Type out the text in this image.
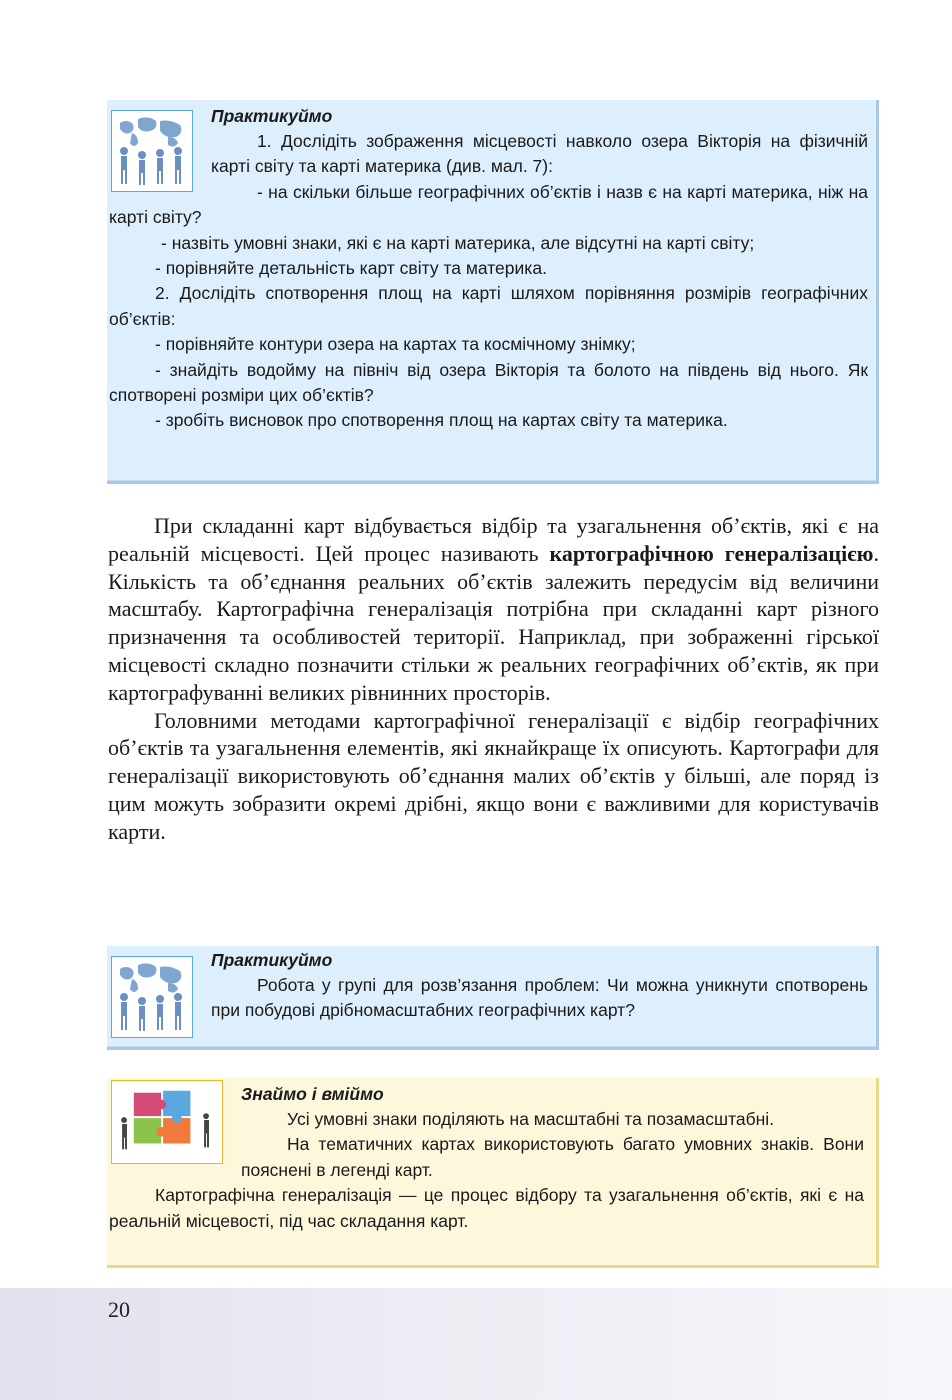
Практикуймо

1. Дослідіть зображення місцевості навколо озера Вікторія на фізичній карті світу та карті материка (див. мал. 7):

- на скільки більше географічних об’єктів і назв є на карті материка, ніж на карті світу?

- назвіть умовні знаки, які є на карті материка, але відсутні на карті світу;

- порівняйте детальність карт світу та материка.

2. Дослідіть спотворення площ на карті шляхом порівняння розмірів географічних об’єктів:

- порівняйте контури озера на картах та космічному знімку;

- знайдіть водойму на північ від озера Вікторія та болото на південь від нього. Як спотворені розміри цих об’єктів?

- зробіть висновок про спотворення площ на картах світу та материка.

При складанні карт відбувається відбір та узагальнення об’єктів, які є на реальній місцевості. Цей процес називають картографічною генералізацією. Кількість та об’єднання реальних об’єктів залежить передусім від величини масштабу. Картографічна генералізація потрібна при складанні карт різного призначення та особливостей території. Наприклад, при зображенні гірської місцевості складно позначити стільки ж реальних географічних об’єктів, як при картографуванні великих рівнинних просторів.

Головними методами картографічної генералізації є відбір географічних об’єктів та узагальнення елементів, які якнайкраще їх описують. Картографи для генералізації використовують об’єднання малих об’єктів у більші, але поряд із цим можуть зобразити окремі дрібні, якщо вони є важливими для користувачів карти.

Практикуймо

Робота у групі для розв’язання проблем: Чи можна уникнути спотворень при побудові дрібномасштабних географічних карт?

Знаймо і вміймо

Усі умовні знаки поділяють на масштабні та позамасштабні.

На тематичних картах використовують багато умовних знаків. Вони пояснені в легенді карт.

Картографічна генералізація — це процес відбору та узагальнення об’єктів, які є на реальній місцевості, під час складання карт.

20
